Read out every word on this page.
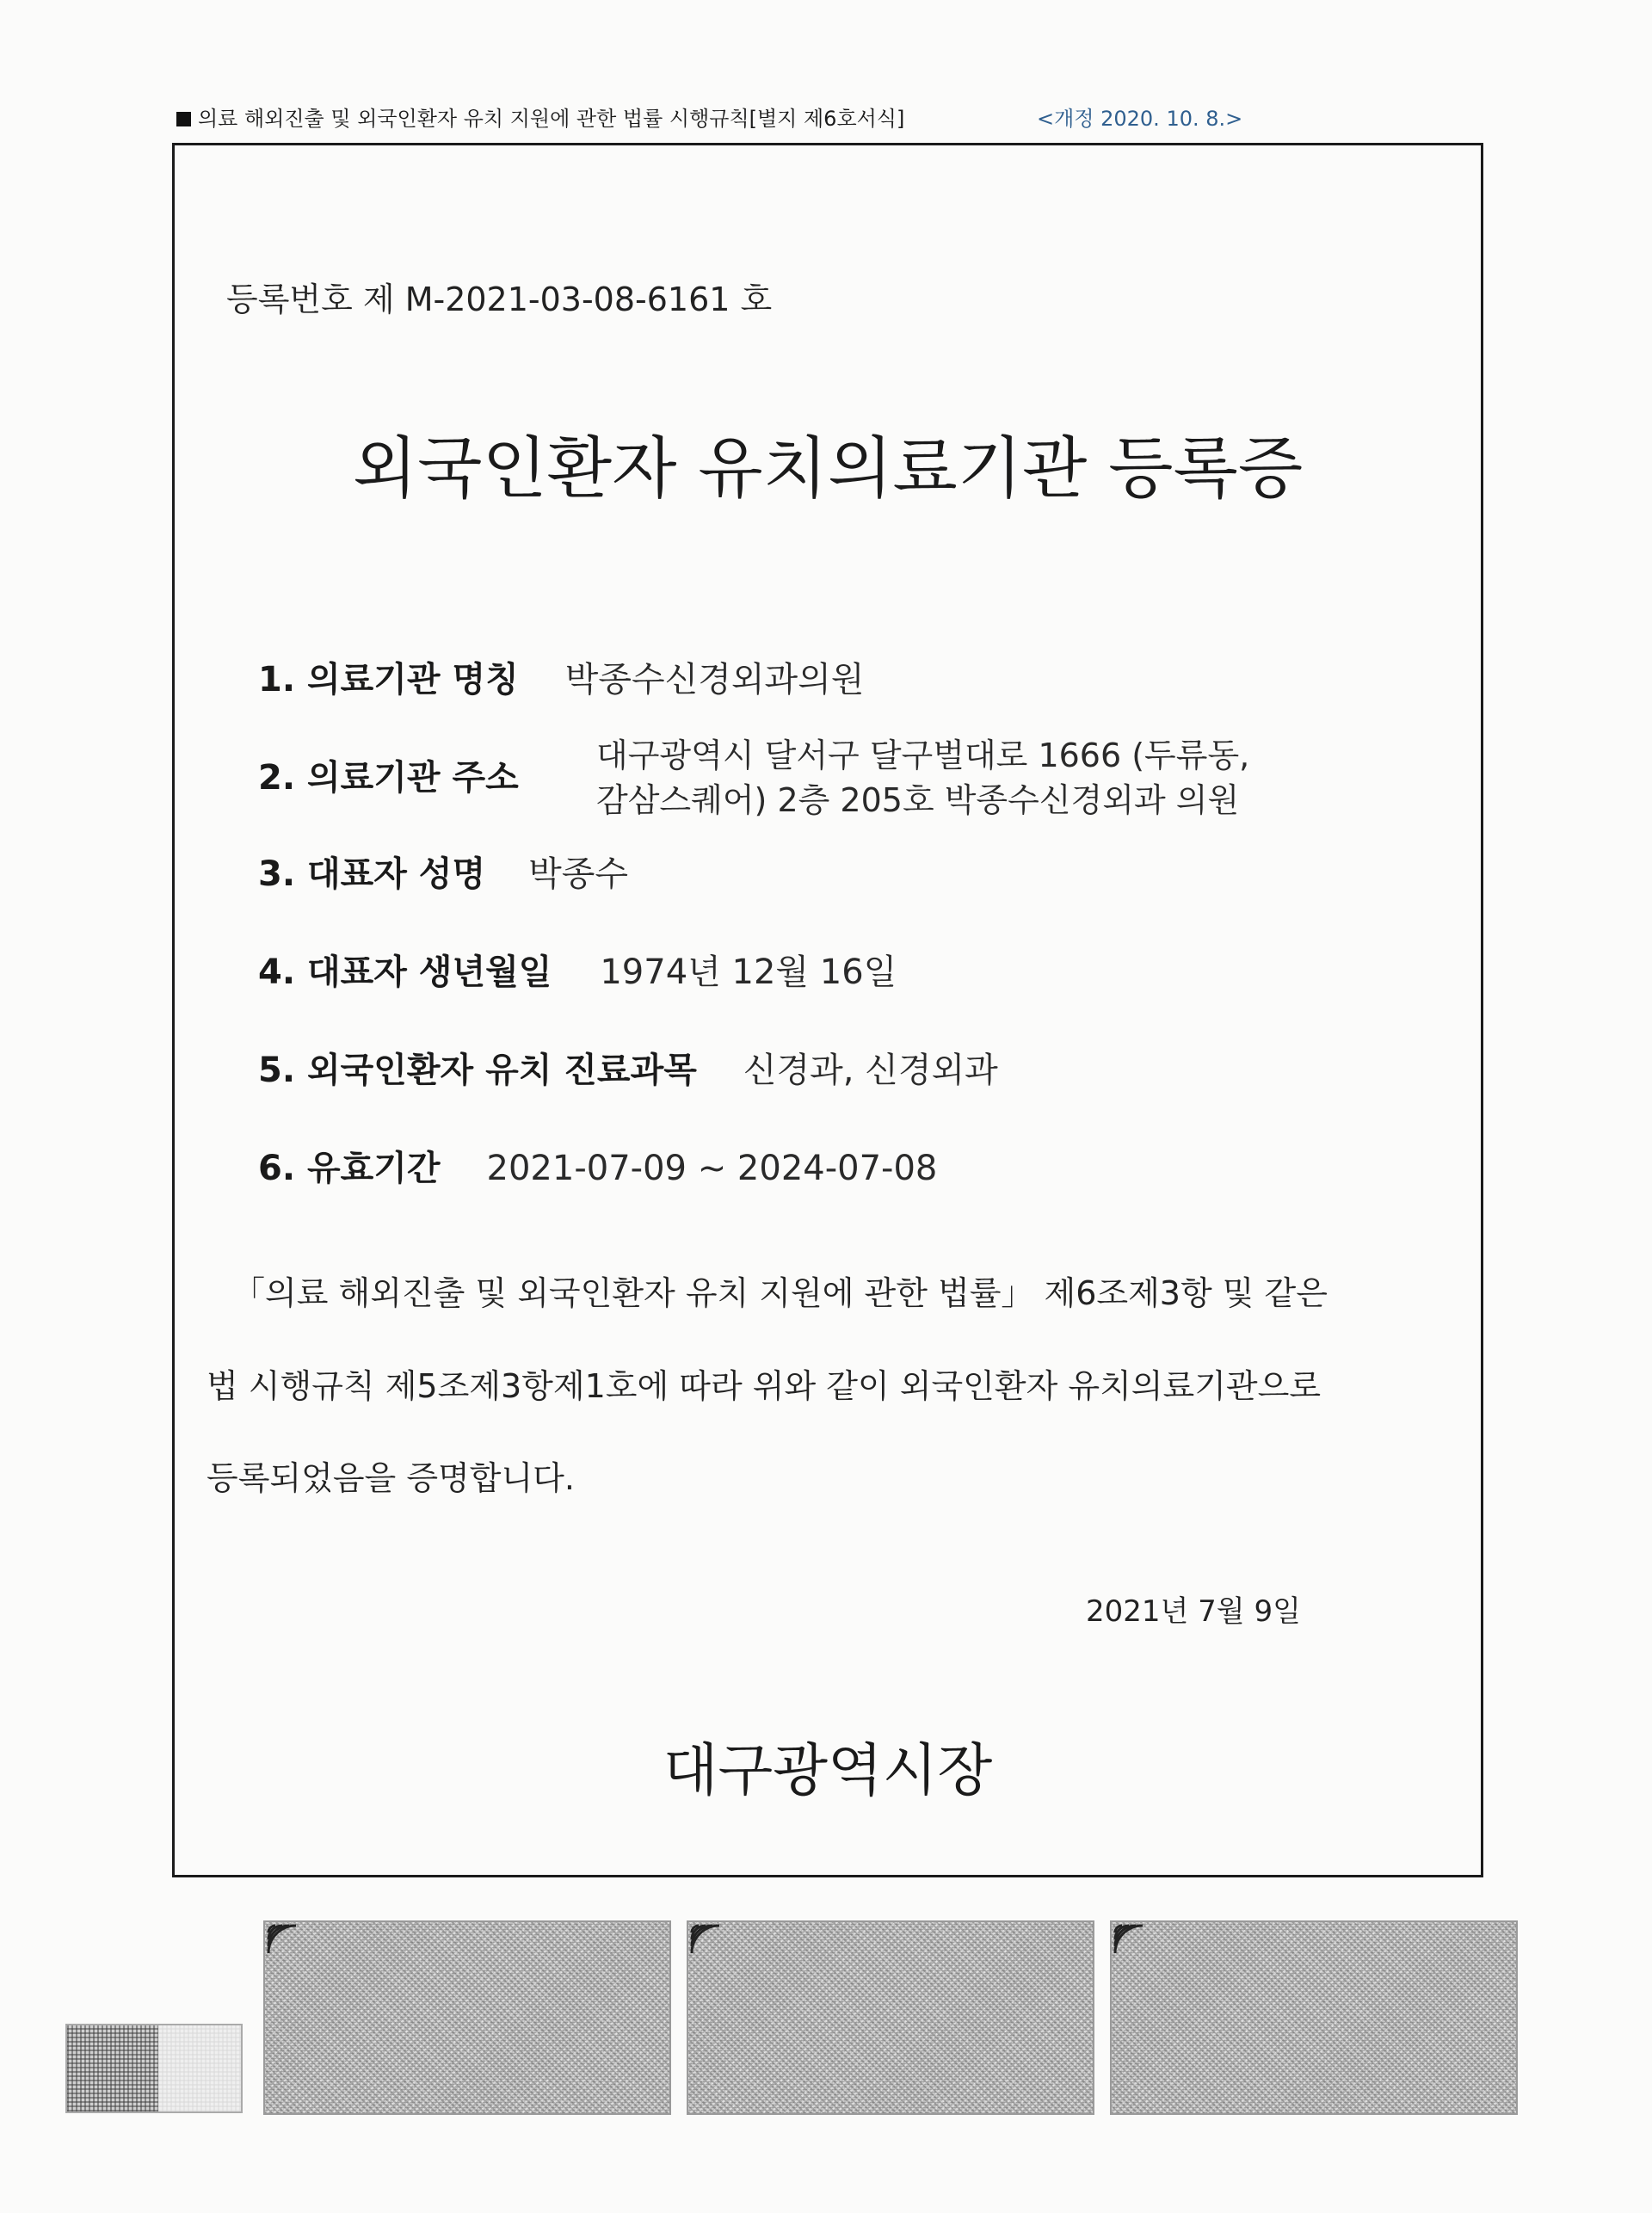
의료 해외진출 및 외국인환자 유치 지원에 관한 법률 시행규칙[별지 제6호서식]	<개정 2020. 10. 8.>
등록번호 제 M-2021-03-08-6161 호
외국인환자 유치의료기관 등록증
1. 의료기관 명칭 박종수신경외과의원
2. 의료기관 주소
대구광역시 달서구 달구벌대로 1666 (두류동,
감삼스퀘어) 2층 205호 박종수신경외과 의원
3. 대표자 성명 박종수
4. 대표자 생년월일 1974년 12월 16일
5. 외국인환자 유치 진료과목 신경과, 신경외과
6. 유효기간 2021-07-09 ~ 2024-07-08
「의료 해외진출 및 외국인환자 유치 지원에 관한 법률」 제6조제3항 및 같은
법 시행규칙 제5조제3항제1호에 따라 위와 같이 외국인환자 유치의료기관으로
등록되었음을 증명합니다.
2021년 7월 9일
대구광역시장
